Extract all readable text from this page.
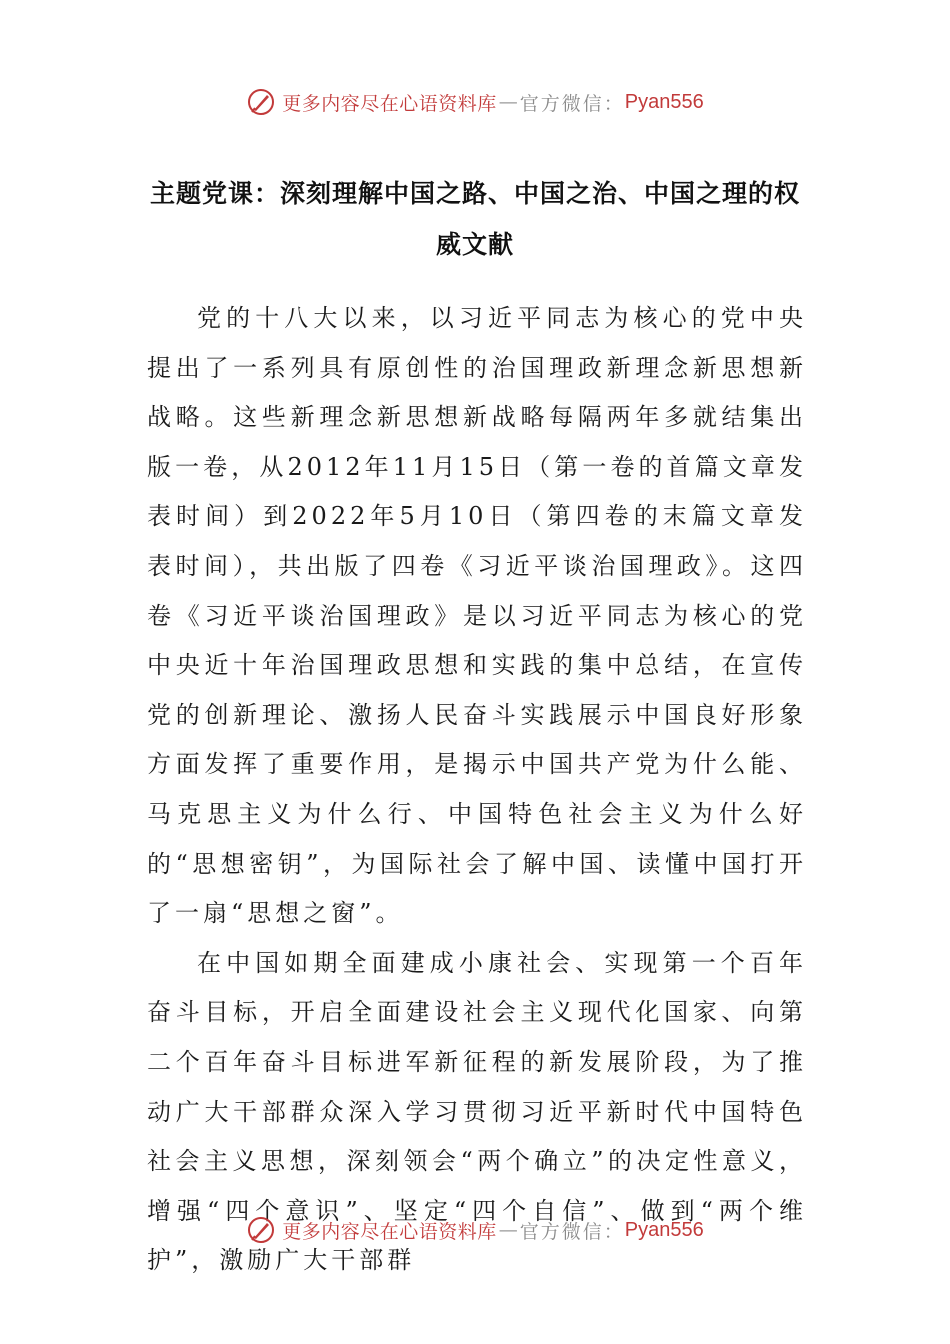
更多内容尽在心语资料库 — 官方微信： Pyan556
主题党课：深刻理解中国之路、中国之治、中国之理的权威文献

党的十八大以来，以习近平同志为核心的党中央提出了一系列具有原创性的治国理政新理念新思想新战略。这些新理念新思想新战略每隔两年多就结集出版一卷，从2012年11月15日（第一卷的首篇文章发表时间）到2022年5月10日（第四卷的末篇文章发表时间），共出版了四卷《习近平谈治国理政》。这四卷《习近平谈治国理政》是以习近平同志为核心的党中央近十年治国理政思想和实践的集中总结，在宣传党的创新理论、激扬人民奋斗实践展示中国良好形象方面发挥了重要作用，是揭示中国共产党为什么能、马克思主义为什么行、中国特色社会主义为什么好的“思想密钥”，为国际社会了解中国、读懂中国打开了一扇“思想之窗”。

在中国如期全面建成小康社会、实现第一个百年奋斗目标，开启全面建设社会主义现代化国家、向第二个百年奋斗目标进军新征程的新发展阶段，为了推动广大干部群众深入学习贯彻习近平新时代中国特色社会主义思想，深刻领会“两个确立”的决定性意义，增强“四个意识”、坚定“四个自信”、做到“两个维护”，激励广大干部群

更多内容尽在心语资料库 — 官方微信： Pyan556
